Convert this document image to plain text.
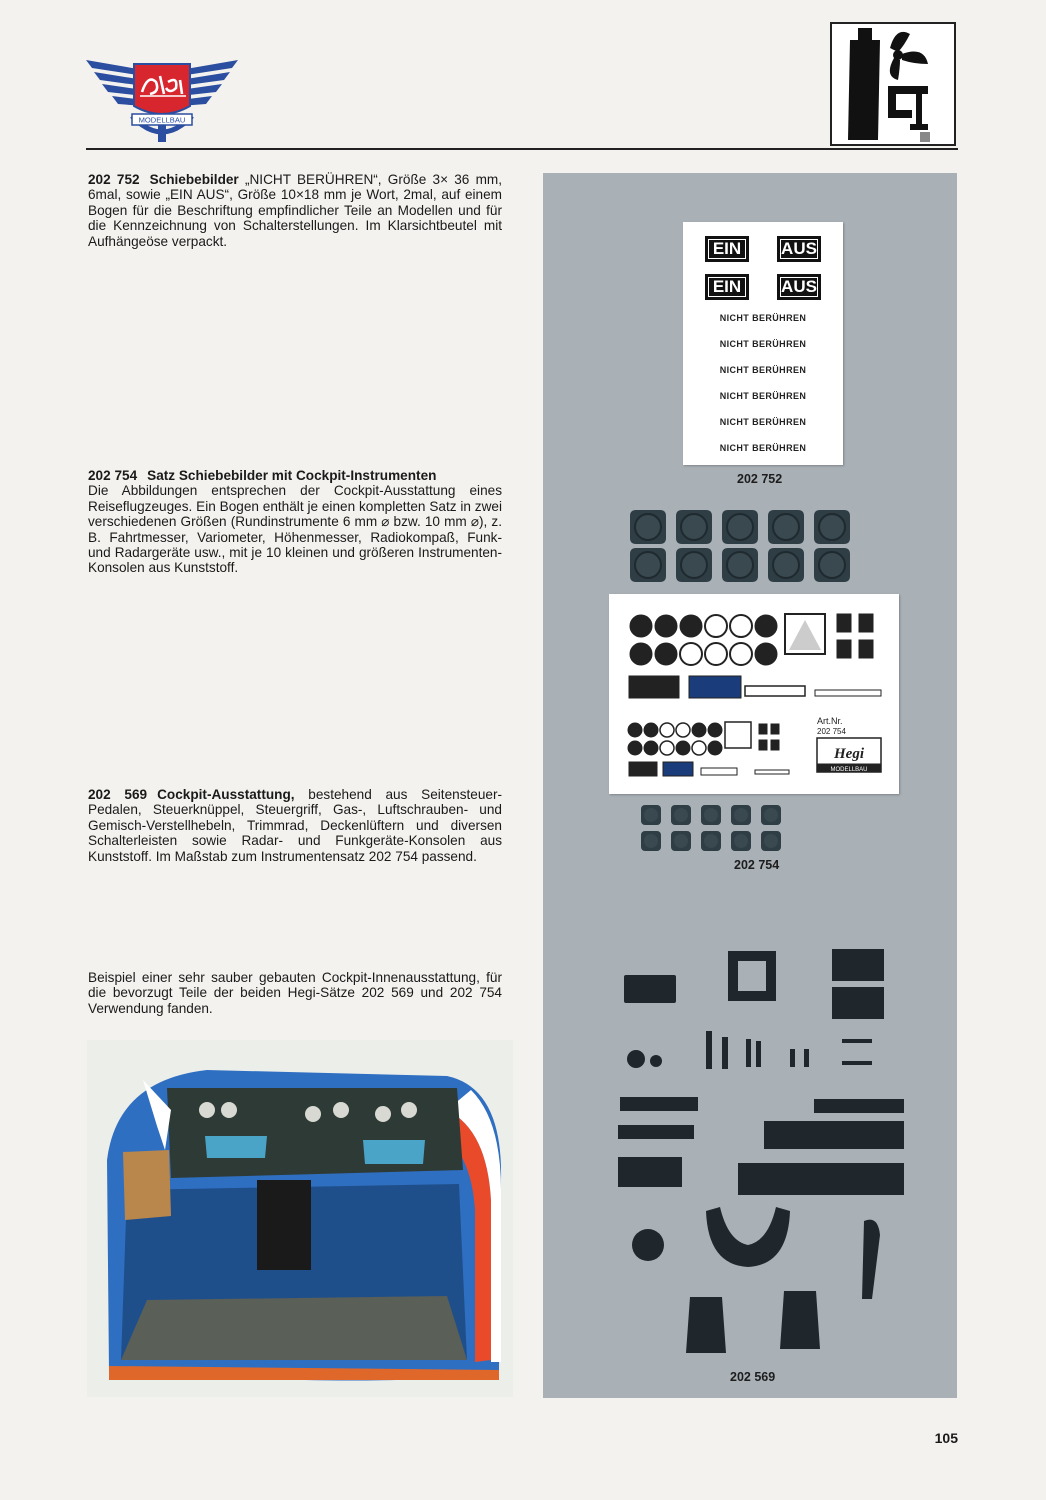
MODELLBAU
202 752 Schiebebilder „NICHT BERÜHREN“, Größe 3× 36 mm, 6mal, sowie „EIN AUS“, Größe 10×18 mm je Wort, 2mal, auf einem Bogen für die Beschriftung empfindlicher Teile an Modellen und für die Kennzeichnung von Schalterstellungen. Im Klarsichtbeutel mit Aufhängeöse verpackt.
202 754 Satz Schiebebilder mit Cockpit-Instrumenten
Die Abbildungen entsprechen der Cockpit-Ausstattung eines Reiseflugzeuges. Ein Bogen enthält je einen kompletten Satz in zwei verschiedenen Größen (Rundinstrumente 6 mm ⌀ bzw. 10 mm ⌀), z. B. Fahrtmesser, Variometer, Höhenmesser, Radiokompaß, Funk- und Radargeräte usw., mit je 10 kleinen und größeren Instrumenten-Konsolen aus Kunststoff.
202 569 Cockpit-Ausstattung, bestehend aus Seitensteuer-Pedalen, Steuerknüppel, Steuergriff, Gas-, Luftschrauben- und Gemisch-Verstellhebeln, Trimmrad, Deckenlüftern und diversen Schalterleisten sowie Radar- und Funkgeräte-Konsolen aus Kunststoff. Im Maßstab zum Instrumentensatz 202 754 passend.
Beispiel einer sehr sauber gebauten Cockpit-Innenausstattung, für die bevorzugt Teile der beiden Hegi-Sätze 202 569 und 202 754 Verwendung fanden.
EIN	AUS
EIN	AUS
NICHT BERÜHREN
NICHT BERÜHREN
NICHT BERÜHREN
NICHT BERÜHREN
NICHT BERÜHREN
NICHT BERÜHREN
202 752
Art.Nr.
202 754
Hegi
MODELLBAU
202 754
202 569
105
